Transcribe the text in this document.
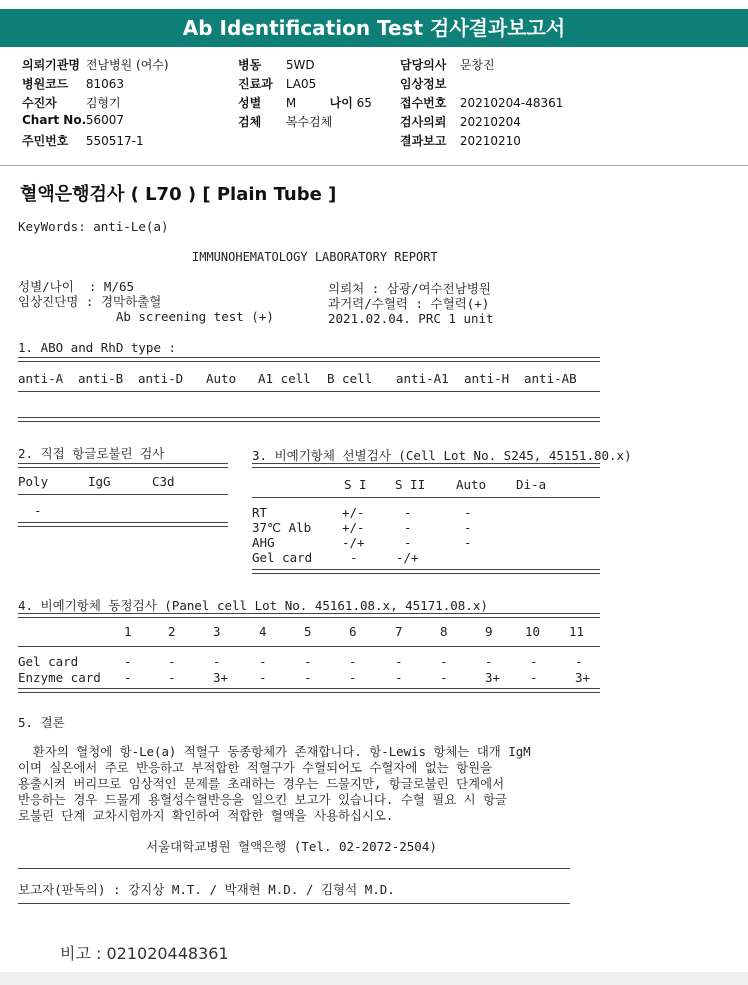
Ab Identification Test 검사결과보고서
의뢰기관명 전남병원 (여수)
병원코드 81063
수진자 김형기
Chart No. 56007
주민번호 550517-1
병동 5WD
진료과 LA05
성별 M	나이 65
검체 복수검체
담당의사 문창진
임상정보
접수번호 20210204-48361
검사의뢰 20210204
결과보고 20210210
혈액은행검사 ( L70 ) [ Plain Tube ]
KeyWords: anti-Le(a)
IMMUNOHEMATOLOGY LABORATORY REPORT
성별/나이  : M/65
임상진단명 : 경막하출혈
Ab screening test (+)
의뢰처 : 삼광/여수전남병원
과거력/수혈력 : 수혈력(+)
2021.02.04. PRC 1 unit
1. ABO and RhD type :
anti-A anti-B anti-D Auto A1 cell B cell anti-A1 anti-H anti-AB
2. 직접 항글로불린 검사
Poly	IgG	C3d
-
3. 비예기항체 선별검사 (Cell Lot No. S245, 45151.80.x)
S I S II Auto Di-a
RT	+/-	-	-
37℃ Alb +/-	-	-
AHG	-/+	-	-
Gel card	-	-/+
4. 비예기항체 동정검사 (Panel cell Lot No. 45161.08.x, 45171.08.x)
1	2	3	4	5	6	7	8	9	10 11
Gel card	-	-	-	-	-	-	-	-	-	-	-
Enzyme card -	-	3+ -	-	-	-	-	3+ -	3+
5. 결론
환자의 혈청에 항-Le(a) 적혈구 동종항체가 존재합니다. 항-Lewis 항체는 대개 IgM
이며 실온에서 주로 반응하고 부적합한 적혈구가 수혈되어도 수혈자에 없는 항원을
용출시켜 버리므로 임상적인 문제를 초래하는 경우는 드물지만, 항글로불린 단계에서
반응하는 경우 드물게 용혈성수혈반응을 일으킨 보고가 있습니다. 수혈 필요 시 항글
로불린 단계 교차시험까지 확인하여 적합한 혈액을 사용하십시오.
서울대학교병원 혈액은행 (Tel. 02-2072-2504)
보고자(판독의) : 강지상 M.T. / 박재현 M.D. / 김형석 M.D.
비고 : 021020448361
